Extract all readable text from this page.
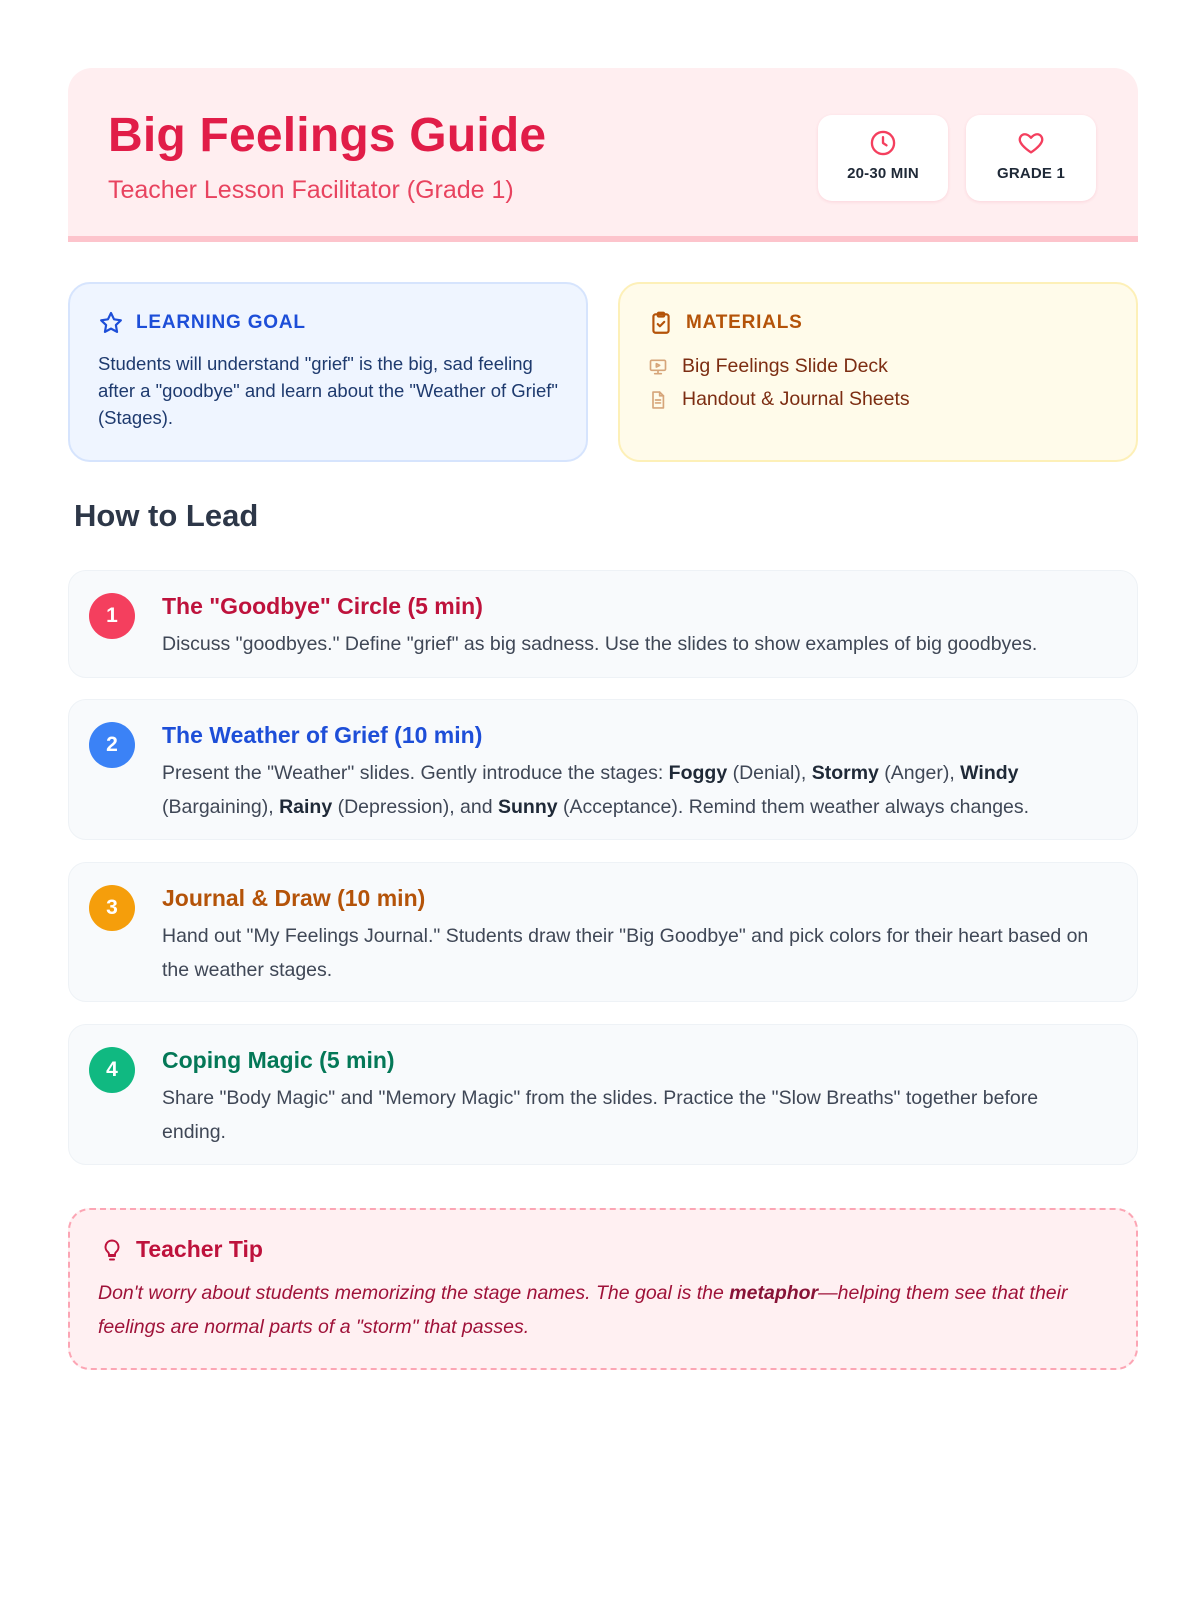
Big Feelings Guide
Teacher Lesson Facilitator (Grade 1)
20-30 MIN	GRADE 1
LEARNING GOAL
Students will understand "grief" is the big, sad feeling after a "goodbye" and learn about the "Weather of Grief" (Stages).
MATERIALS
Big Feelings Slide Deck
Handout & Journal Sheets
How to Lead
1	The "Goodbye" Circle (5 min)
Discuss "goodbyes." Define "grief" as big sadness. Use the slides to show examples of big goodbyes.
2	The Weather of Grief (10 min)
Present the "Weather" slides. Gently introduce the stages: Foggy (Denial), Stormy (Anger), Windy (Bargaining), Rainy (Depression), and Sunny (Acceptance). Remind them weather always changes.
3	Journal & Draw (10 min)
Hand out "My Feelings Journal." Students draw their "Big Goodbye" and pick colors for their heart based on the weather stages.
4	Coping Magic (5 min)
Share "Body Magic" and "Memory Magic" from the slides. Practice the "Slow Breaths" together before ending.
Teacher Tip
Don't worry about students memorizing the stage names. The goal is the metaphor—helping them see that their feelings are normal parts of a "storm" that passes.
